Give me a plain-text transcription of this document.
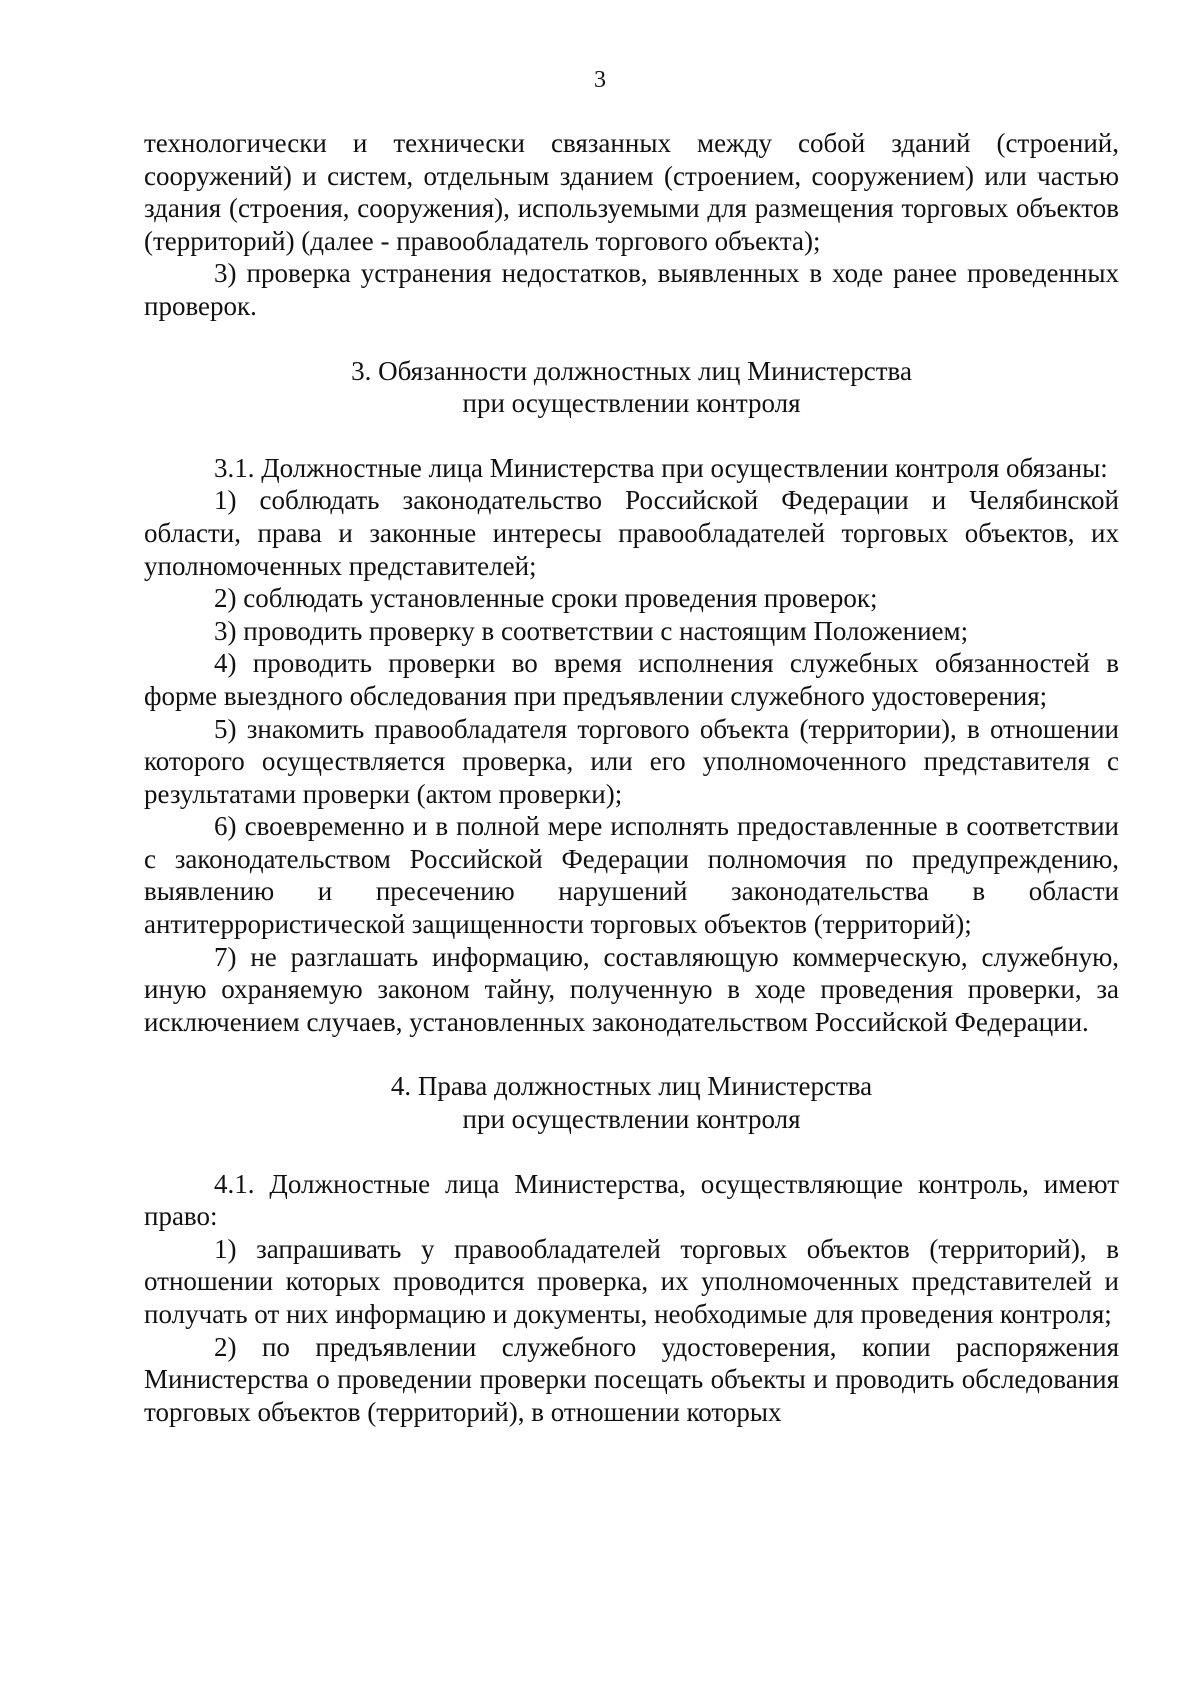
3

технологически и технически связанных между собой зданий (строений, сооружений) и систем, отдельным зданием (строением, сооружением) или частью здания (строения, сооружения), используемыми для размещения торговых объектов (территорий) (далее - правообладатель торгового объекта);

3) проверка устранения недостатков, выявленных в ходе ранее проведенных проверок.

3. Обязанности должностных лиц Министерства
при осуществлении контроля

3.1. Должностные лица Министерства при осуществлении контроля обязаны:

1) соблюдать законодательство Российской Федерации и Челябинской области, права и законные интересы правообладателей торговых объектов, их уполномоченных представителей;

2) соблюдать установленные сроки проведения проверок;

3) проводить проверку в соответствии с настоящим Положением;

4) проводить проверки во время исполнения служебных обязанностей в форме выездного обследования при предъявлении служебного удостоверения;

5) знакомить правообладателя торгового объекта (территории), в отношении которого осуществляется проверка, или его уполномоченного представителя с результатами проверки (актом проверки);

6) своевременно и в полной мере исполнять предоставленные в соответствии с законодательством Российской Федерации полномочия по предупреждению, выявлению и пресечению нарушений законодательства в области антитеррористической защищенности торговых объектов (территорий);

7) не разглашать информацию, составляющую коммерческую, служебную, иную охраняемую законом тайну, полученную в ходе проведения проверки, за исключением случаев, установленных законодательством Российской Федерации.

4. Права должностных лиц Министерства
при осуществлении контроля

4.1. Должностные лица Министерства, осуществляющие контроль, имеют право:

1) запрашивать у правообладателей торговых объектов (территорий), в отношении которых проводится проверка, их уполномоченных представителей и получать от них информацию и документы, необходимые для проведения контроля;

2) по предъявлении служебного удостоверения, копии распоряжения Министерства о проведении проверки посещать объекты и проводить обследования торговых объектов (территорий), в отношении которых
